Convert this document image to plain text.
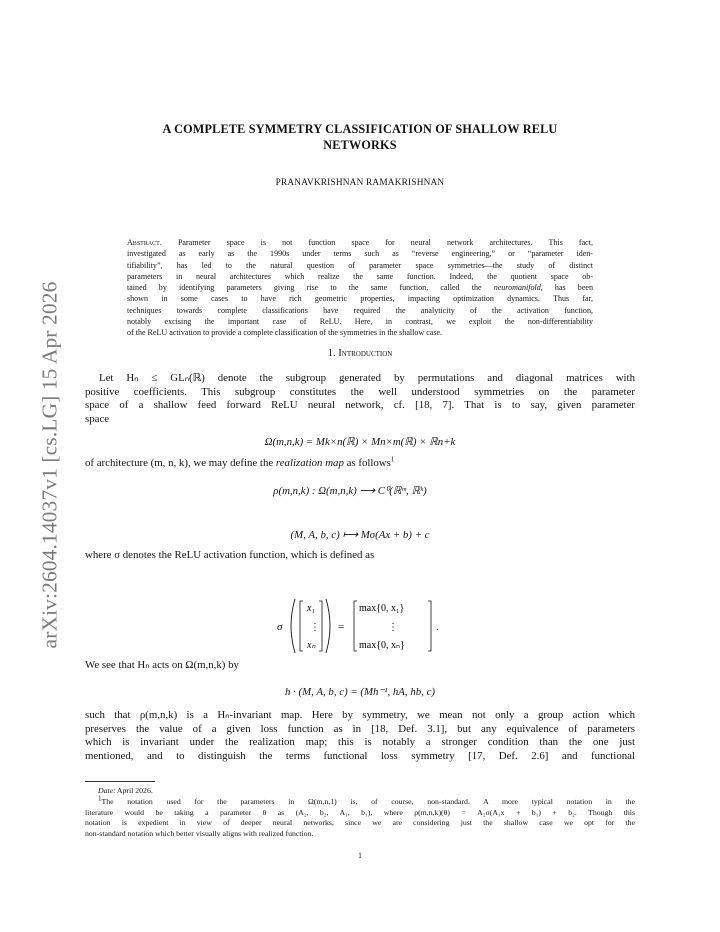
arXiv:2604.14037v1 [cs.LG] 15 Apr 2026
A COMPLETE SYMMETRY CLASSIFICATION OF SHALLOW RELU
NETWORKS
PRANAVKRISHNAN RAMAKRISHNAN
Abstract. Parameter space is not function space for neural network architectures. This fact,
investigated as early as the 1990s under terms such as “reverse engineering,” or “parameter iden-
tifiability”, has led to the natural question of parameter space symmetries—the study of distinct
parameters in neural architectures which realize the same function. Indeed, the quotient space ob-
tained by identifying parameters giving rise to the same function, called the neuromanifold, has been
shown in some cases to have rich geometric properties, impacting optimization dynamics. Thus far,
techniques towards complete classifications have required the analyticity of the activation function,
notably excising the important case of ReLU. Here, in contrast, we exploit the non-differentiability
of the ReLU activation to provide a complete classification of the symmetries in the shallow case.
1. Introduction
Let Hₙ ≤ GLₙ(ℝ) denote the subgroup generated by permutations and diagonal matrices with
positive coefficients. This subgroup constitutes the well understood symmetries on the parameter
space of a shallow feed forward ReLU neural network, cf. [18, 7]. That is to say, given parameter
space
Ω(m,n,k) = Mk×n(ℝ) × Mn×m(ℝ) × ℝn+k
of architecture (m, n, k), we may define the realization map as follows$^1$
ρ(m,n,k) : Ω(m,n,k) ⟶ C⁰(ℝᵐ, ℝᵏ)
(M, A, b, c) ⟼ Mσ(Ax + b) + c
where σ denotes the ReLU activation function, which is defined as
σ
x₁
⋮
xₙ
=
max{0, x₁}
⋮
max{0, xₙ}
.
We see that Hₙ acts on Ω(m,n,k) by
h · (M, A, b, c) = (Mh⁻¹, hA, hb, c)
such that ρ(m,n,k) is a Hₙ-invariant map. Here by symmetry, we mean not only a group action which
preserves the value of a given loss function as in [18, Def. 3.1], but any equivalence of parameters
which is invariant under the realization map; this is notably a stronger condition than the one just
mentioned, and to distinguish the terms functional loss symmetry [17, Def. 2.6] and functional
Date: April 2026.
$^1$The notation used for the parameters in Ω(m,n,1) is, of course, non-standard. A more typical notation in the
literature would be taking a parameter θ as (A₂, b₂, A₁, b₁), where ρ(m,n,k)(θ) = A₂σ(A₁x + b₁) + b₂. Though this
notation is expedient in view of deeper neural networks, since we are considering just the shallow case we opt for the
non-standard notation which better visually aligns with realized function.
1
